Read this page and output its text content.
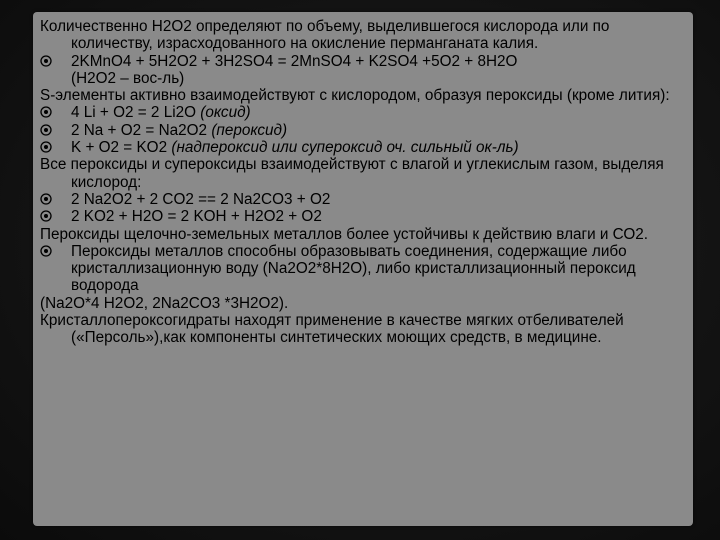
Количественно Н2О2 определяют по объему, выделившегося кислорода или по количеству, израсходованного на окисление перманганата калия.
2KMnO4 + 5H2O2 + 3H2SO4 = 2MnSO4 + K2SO4 +5O2 + 8H2O
(H2O2 – вос-ль)
S-элементы активно взаимодействуют с кислородом, образуя пероксиды (кроме лития):
4 Li + O2 = 2 Li2O (оксид)
2 Na + O2 = Na2O2 (пероксид)
K + O2 = KO2 (надпероксид или супероксид оч. сильный ок-ль)
Все пероксиды и супероксиды взаимодействуют с влагой и углекислым газом, выделяя кислород:
2 Na2O2 + 2 CO2 == 2 Na2CO3 + O2
2 KO2 + H2O = 2 KOH + H2O2 + O2
Пероксиды щелочно-земельных металлов более устойчивы к действию влаги и СО2.
Пероксиды металлов способны образовывать соединения, содержащие либо кристаллизационную воду (Na2O2*8H2O), либо кристаллизационный пероксид водорода
(Na2O*4 H2O2, 2Na2CO3 *3H2O2).
Кристаллопероксогидраты находят применение в качестве мягких отбеливателей («Персоль»),как компоненты синтетических моющих средств, в медицине.
